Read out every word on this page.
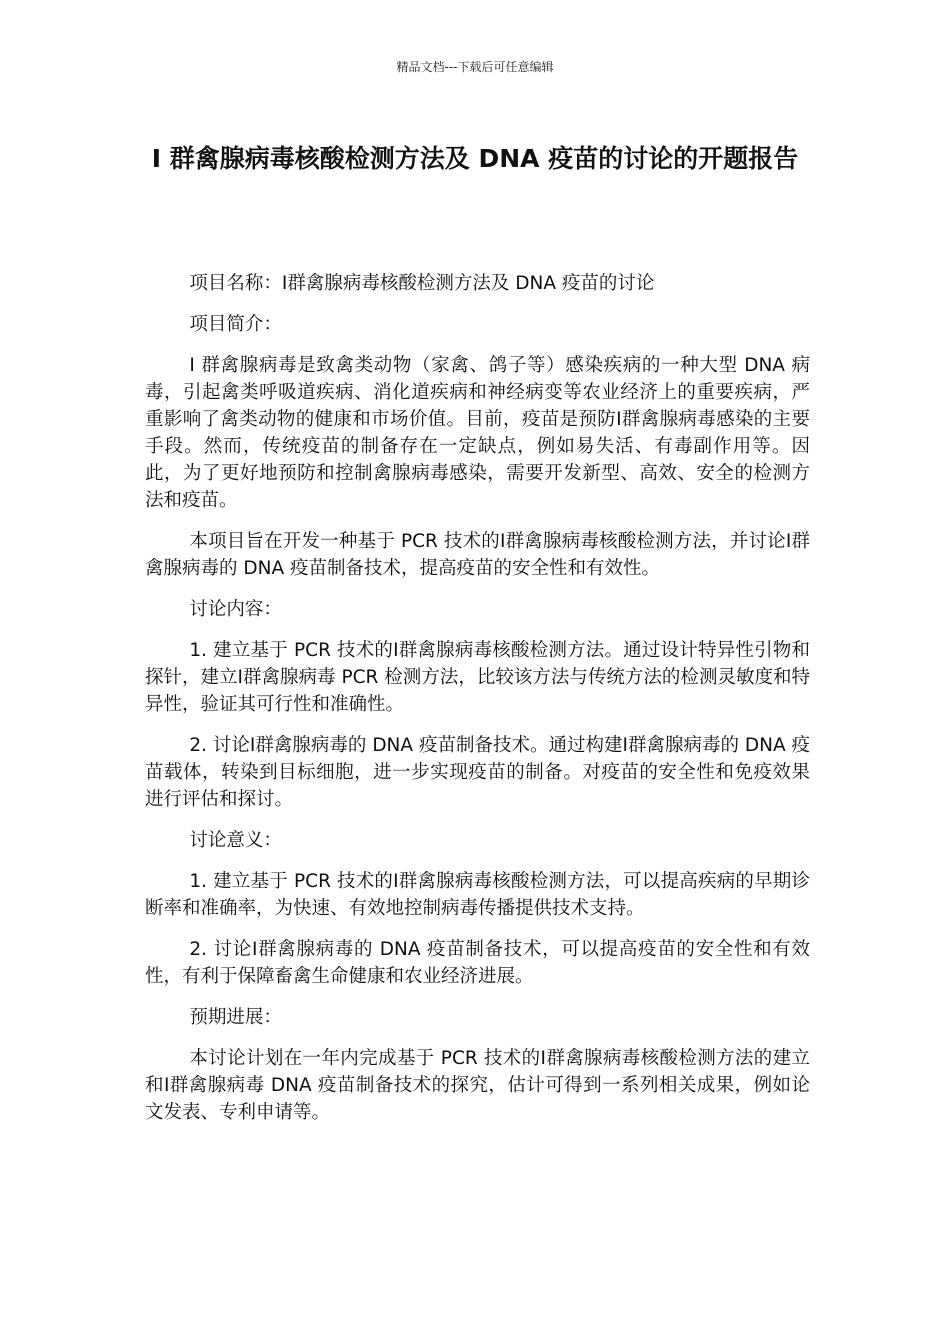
精品文档---下载后可任意编辑
I 群禽腺病毒核酸检测方法及 DNA 疫苗的讨论的开题报告

项目名称：Ⅰ群禽腺病毒核酸检测方法及 DNA 疫苗的讨论

项目简介：

I 群禽腺病毒是致禽类动物（家禽、鸽子等）感染疾病的一种大型 DNA 病毒，引起禽类呼吸道疾病、消化道疾病和神经病变等农业经济上的重要疾病，严重影响了禽类动物的健康和市场价值。目前，疫苗是预防Ⅰ群禽腺病毒感染的主要手段。然而，传统疫苗的制备存在一定缺点，例如易失活、有毒副作用等。因此，为了更好地预防和控制禽腺病毒感染，需要开发新型、高效、安全的检测方法和疫苗。

本项目旨在开发一种基于 PCR 技术的Ⅰ群禽腺病毒核酸检测方法，并讨论Ⅰ群禽腺病毒的 DNA 疫苗制备技术，提高疫苗的安全性和有效性。

讨论内容：

1. 建立基于 PCR 技术的Ⅰ群禽腺病毒核酸检测方法。通过设计特异性引物和探针，建立Ⅰ群禽腺病毒 PCR 检测方法，比较该方法与传统方法的检测灵敏度和特异性，验证其可行性和准确性。

2. 讨论Ⅰ群禽腺病毒的 DNA 疫苗制备技术。通过构建Ⅰ群禽腺病毒的 DNA 疫苗载体，转染到目标细胞，进一步实现疫苗的制备。对疫苗的安全性和免疫效果进行评估和探讨。

讨论意义：

1. 建立基于 PCR 技术的Ⅰ群禽腺病毒核酸检测方法，可以提高疾病的早期诊断率和准确率，为快速、有效地控制病毒传播提供技术支持。

2. 讨论Ⅰ群禽腺病毒的 DNA 疫苗制备技术，可以提高疫苗的安全性和有效性，有利于保障畜禽生命健康和农业经济进展。

预期进展：

本讨论计划在一年内完成基于 PCR 技术的Ⅰ群禽腺病毒核酸检测方法的建立和Ⅰ群禽腺病毒 DNA 疫苗制备技术的探究，估计可得到一系列相关成果，例如论文发表、专利申请等。
